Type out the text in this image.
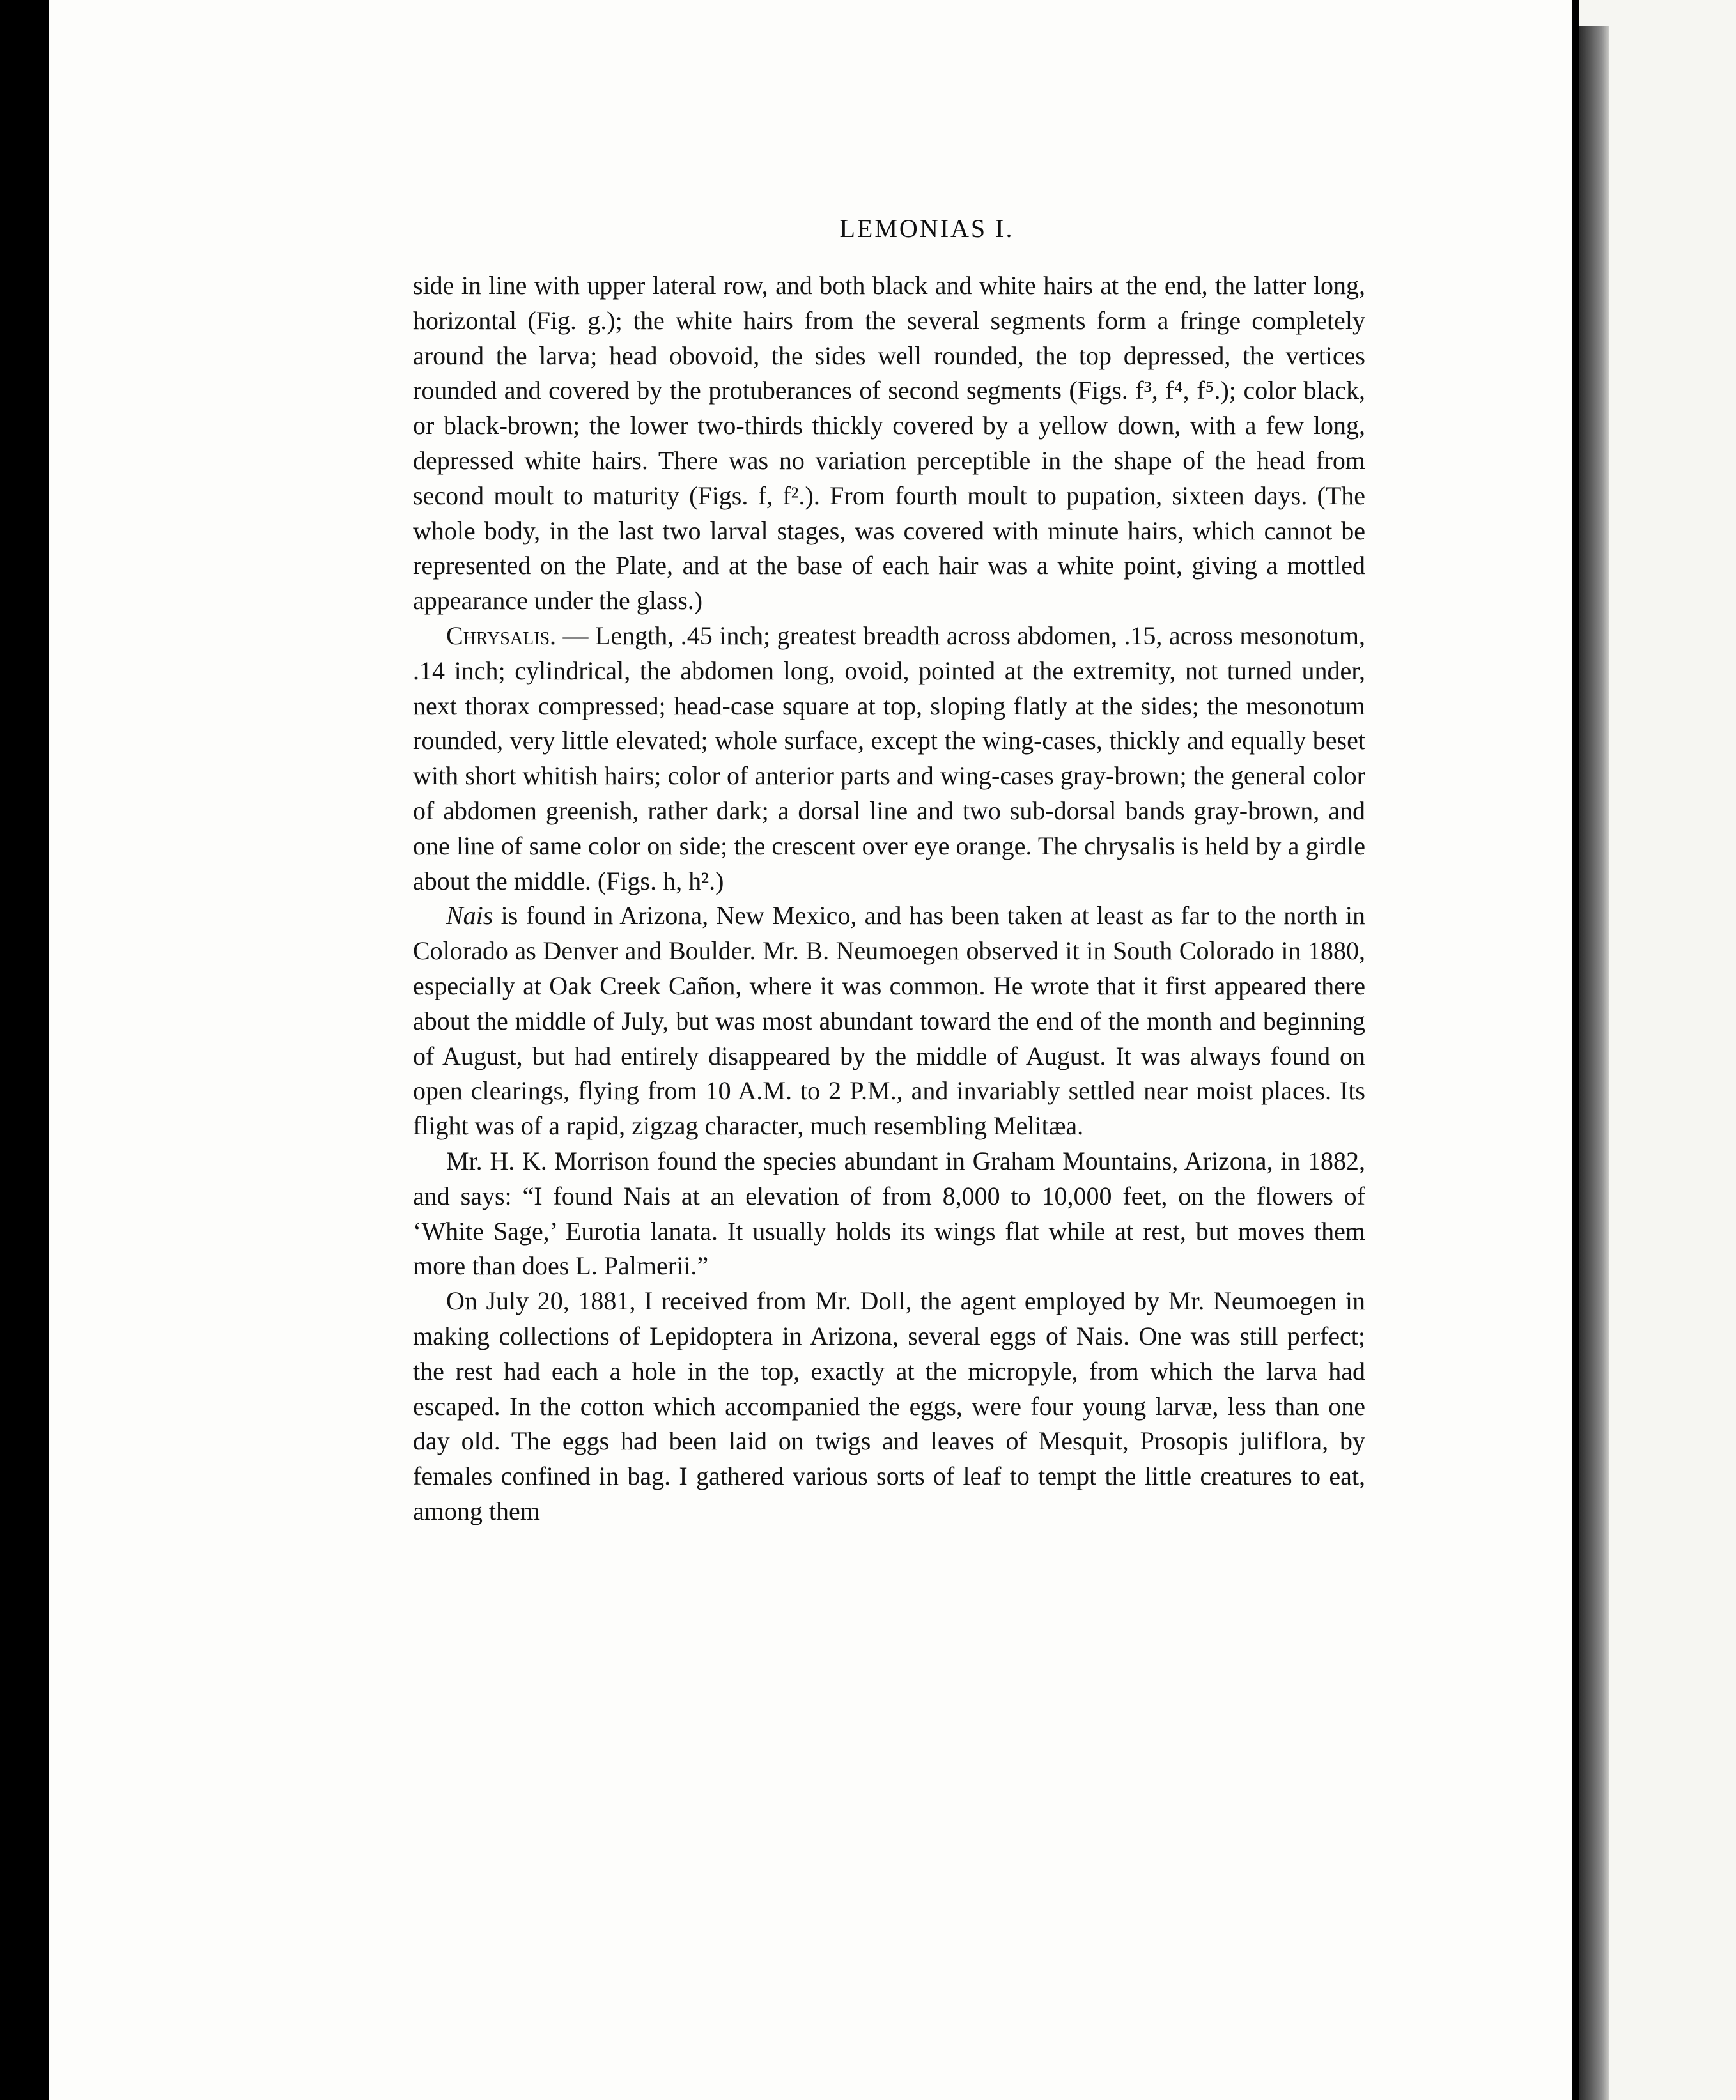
LEMONIAS I.

side in line with upper lateral row, and both black and white hairs at the end, the latter long, horizontal (Fig. g.); the white hairs from the several segments form a fringe completely around the larva; head obovoid, the sides well rounded, the top depressed, the vertices rounded and covered by the protuberances of second segments (Figs. f³, f⁴, f⁵.); color black, or black-brown; the lower two-thirds thickly covered by a yellow down, with a few long, depressed white hairs. There was no variation perceptible in the shape of the head from second moult to maturity (Figs. f, f².). From fourth moult to pupation, sixteen days. (The whole body, in the last two larval stages, was covered with minute hairs, which cannot be represented on the Plate, and at the base of each hair was a white point, giving a mottled appearance under the glass.)

Chrysalis. — Length, .45 inch; greatest breadth across abdomen, .15, across mesonotum, .14 inch; cylindrical, the abdomen long, ovoid, pointed at the extremity, not turned under, next thorax compressed; head-case square at top, sloping flatly at the sides; the mesonotum rounded, very little elevated; whole surface, except the wing-cases, thickly and equally beset with short whitish hairs; color of anterior parts and wing-cases gray-brown; the general color of abdomen greenish, rather dark; a dorsal line and two sub-dorsal bands gray-brown, and one line of same color on side; the crescent over eye orange. The chrysalis is held by a girdle about the middle. (Figs. h, h².)

Nais is found in Arizona, New Mexico, and has been taken at least as far to the north in Colorado as Denver and Boulder. Mr. B. Neumoegen observed it in South Colorado in 1880, especially at Oak Creek Cañon, where it was common. He wrote that it first appeared there about the middle of July, but was most abundant toward the end of the month and beginning of August, but had entirely disappeared by the middle of August. It was always found on open clearings, flying from 10 A.M. to 2 P.M., and invariably settled near moist places. Its flight was of a rapid, zigzag character, much resembling Melitæa.

Mr. H. K. Morrison found the species abundant in Graham Mountains, Arizona, in 1882, and says: “I found Nais at an elevation of from 8,000 to 10,000 feet, on the flowers of ‘White Sage,’ Eurotia lanata. It usually holds its wings flat while at rest, but moves them more than does L. Palmerii.”

On July 20, 1881, I received from Mr. Doll, the agent employed by Mr. Neumoegen in making collections of Lepidoptera in Arizona, several eggs of Nais. One was still perfect; the rest had each a hole in the top, exactly at the micropyle, from which the larva had escaped. In the cotton which accompanied the eggs, were four young larvæ, less than one day old. The eggs had been laid on twigs and leaves of Mesquit, Prosopis juliflora, by females confined in bag. I gathered various sorts of leaf to tempt the little creatures to eat, among them
